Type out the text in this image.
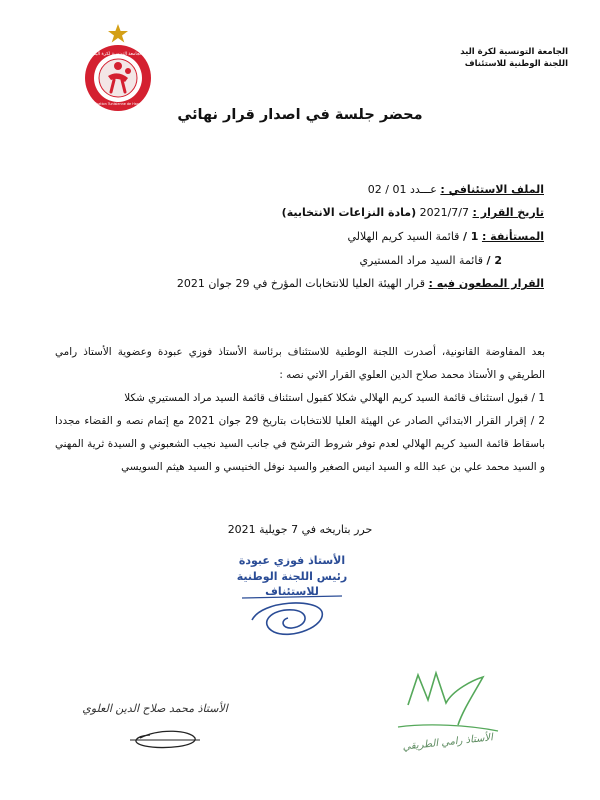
الجامعة التونسية لكرة اليد
Fédération Tunisienne de Handball
الجامعة التونسية لكرة اليد
اللجنة الوطنية للاستئناف
محضر جلسة في اصدار قرار نهائي
الملف الاستئنافي : عـــدد 01 / 02
تاريخ القرار : 2021/7/7 (مادة النزاعات الانتخابية)
المستأنفة : 1 / قائمة السيد كريم الهلالي
2 / قائمة السيد مراد المستيري
القرار المطعون فيه : قرار الهيئة العليا للانتخابات المؤرخ في 29 جوان 2021

بعد المفاوضة القانونية، أصدرت اللجنة الوطنية للاستئناف برئاسة الأستاذ فوزي عبودة وعضوية الأستاذ رامي الطريقي و الأستاذ محمد صلاح الدين العلوي القرار الاتي نصه :

1 / قبول استئناف قائمة السيد كريم الهلالي شكلا كقبول استئناف قائمة السيد مراد المستيري شكلا

2 / إقرار القرار الابتدائي الصادر عن الهيئة العليا للانتخابات بتاريخ 29 جوان 2021 مع إتمام نصه و القضاء مجددا باسقاط قائمة السيد كريم الهلالي لعدم توفر شروط الترشح في جانب السيد نجيب الشعبوني و السيدة ثرية المهني و السيد محمد علي بن عبد الله و السيد انيس الصغير والسيد نوفل الخنيسي و السيد هيثم السويسي

حرر بتاريخه في 7 جويلية 2021
الأستاذ فوزي عبودة
رئيس اللجنة الوطنية
للاستئناف
الأستاذ محمد صلاح الدين العلوي
الأستاذ رامي الطريقي
